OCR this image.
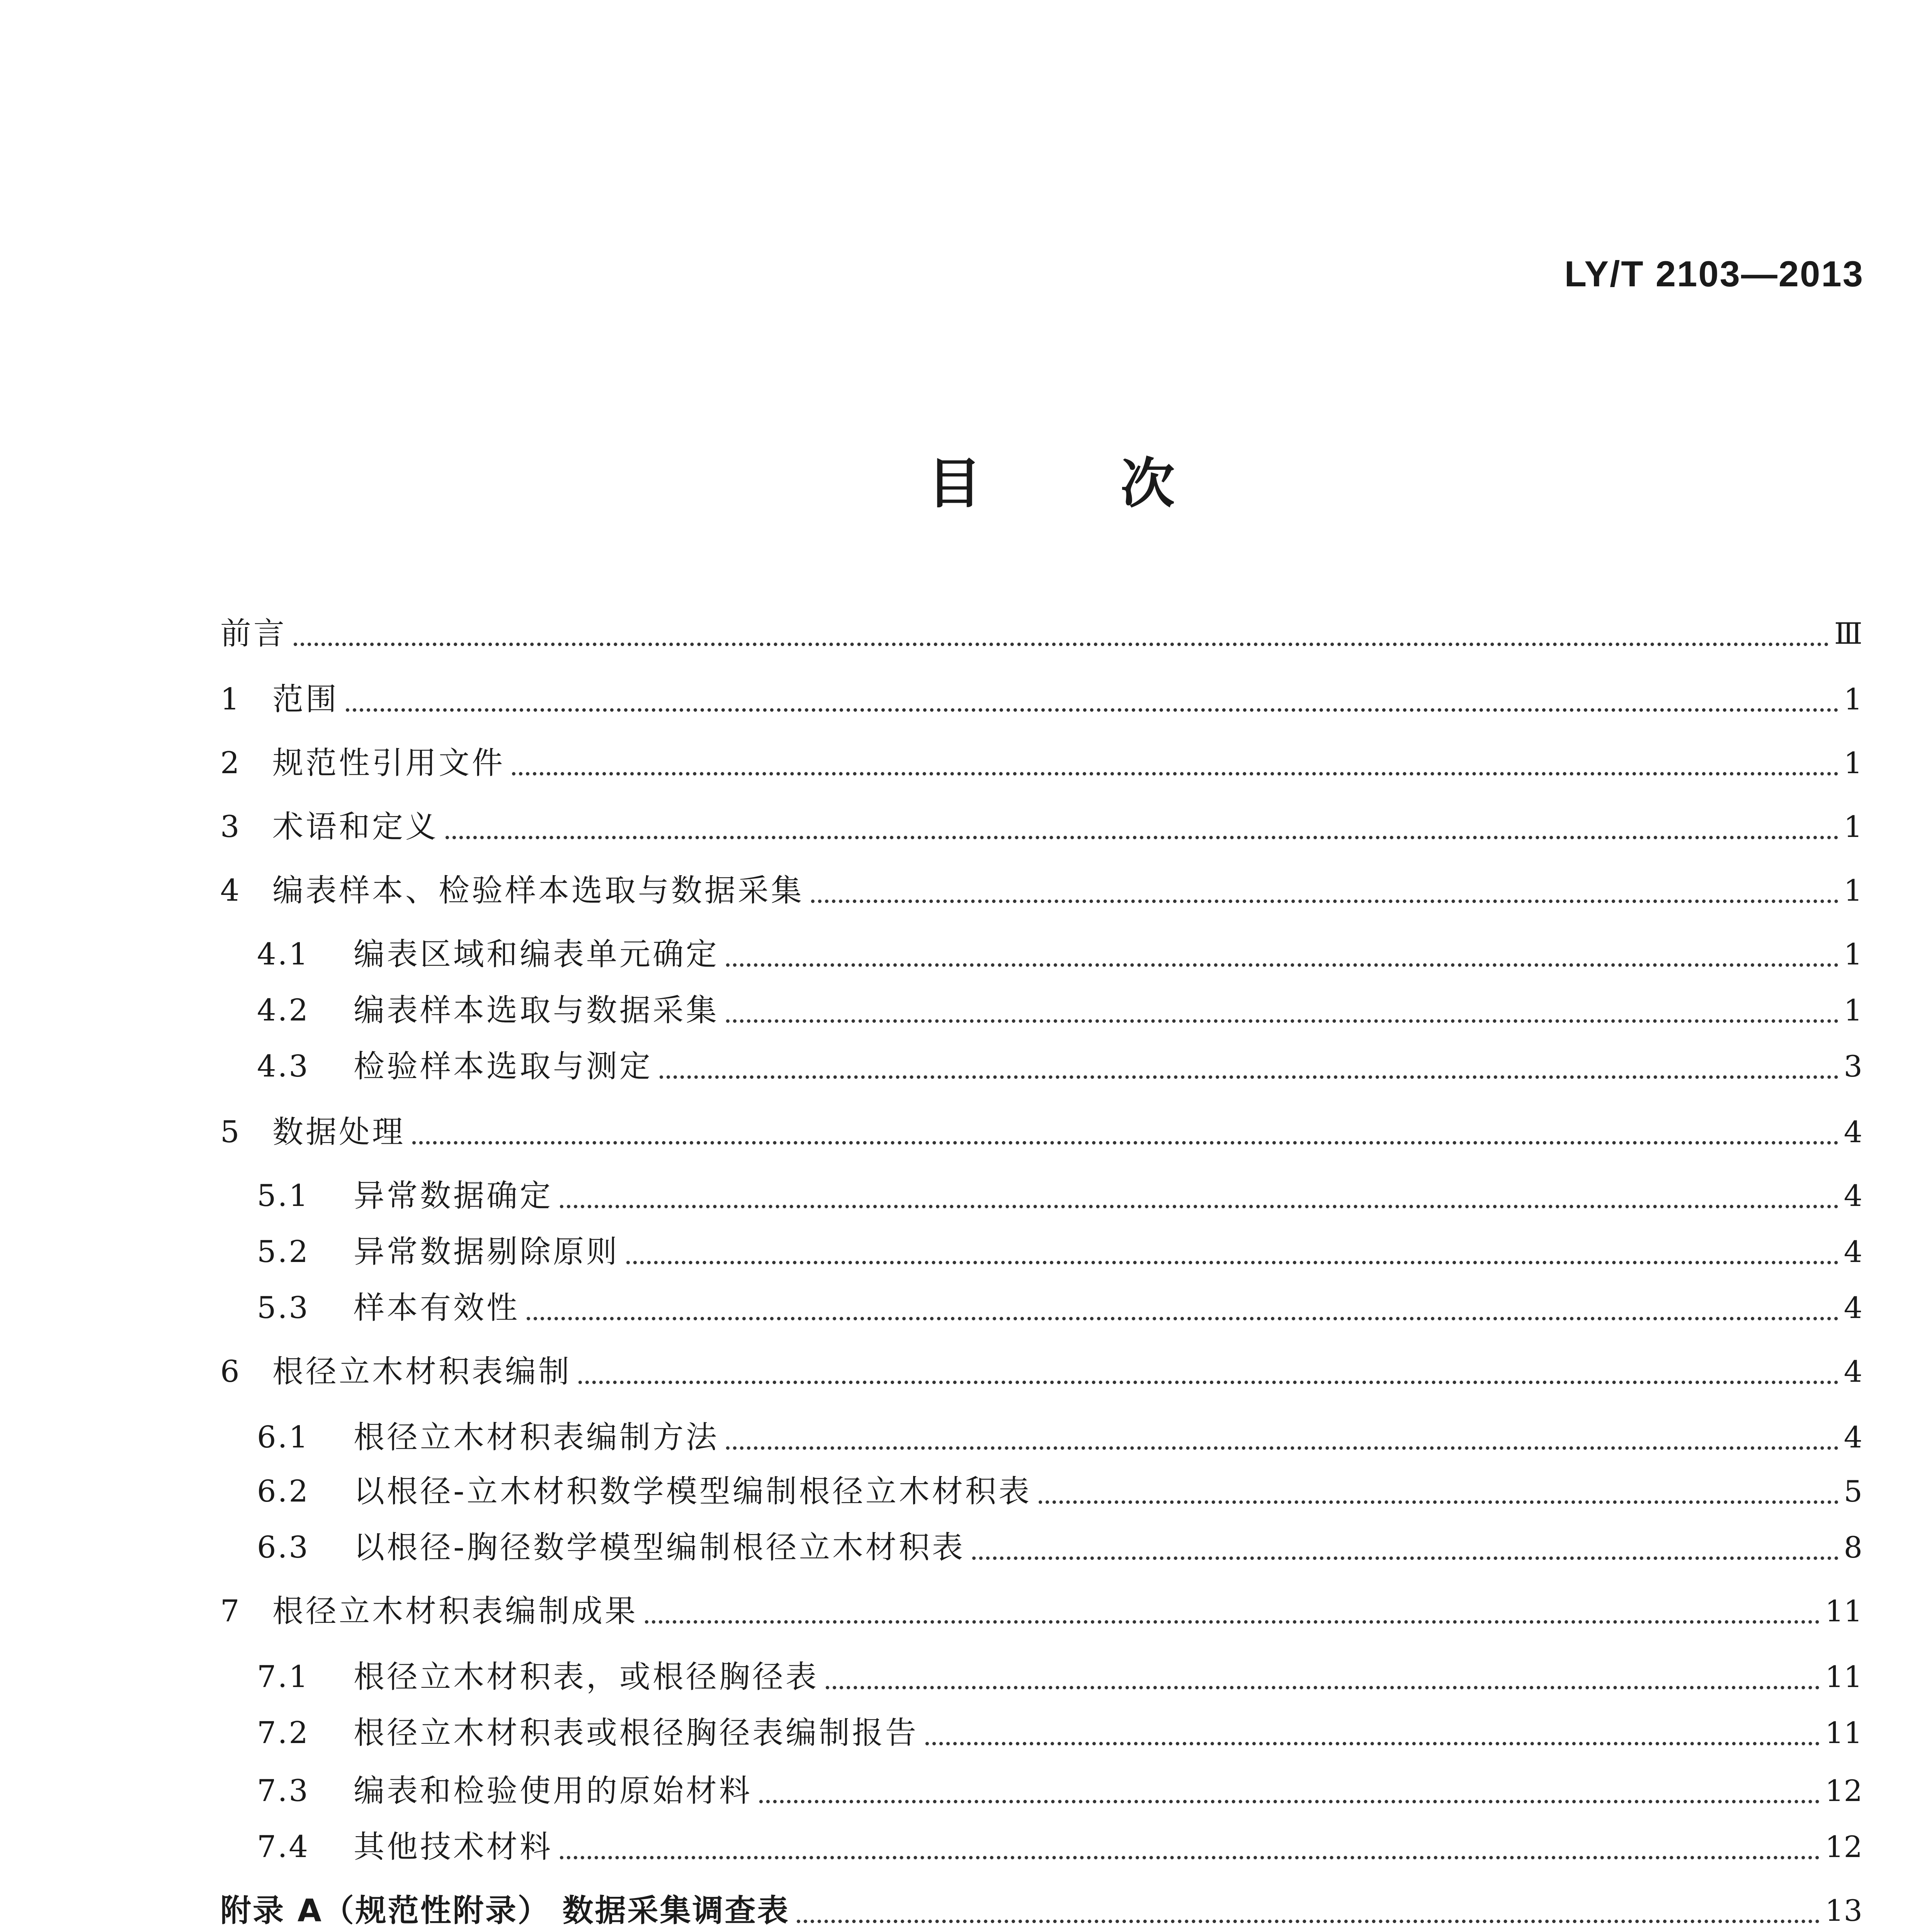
LY/T 2103—2013
目次
前言	Ⅲ
1	范围	1
2	规范性引用文件	1
3	术语和定义	1
4	编表样本、检验样本选取与数据采集	1
4.1	编表区域和编表单元确定	1
4.2	编表样本选取与数据采集	1
4.3	检验样本选取与测定	3
5	数据处理	4
5.1	异常数据确定	4
5.2	异常数据剔除原则	4
5.3	样本有效性	4
6	根径立木材积表编制	4
6.1	根径立木材积表编制方法	4
6.2	以根径-立木材积数学模型编制根径立木材积表	5
6.3	以根径-胸径数学模型编制根径立木材积表	8
7	根径立木材积表编制成果	11
7.1	根径立木材积表，或根径胸径表	11
7.2	根径立木材积表或根径胸径表编制报告	11
7.3	编表和检验使用的原始材料	12
7.4	其他技术材料	12
附录 A（规范性附录） 数据采集调查表	13
